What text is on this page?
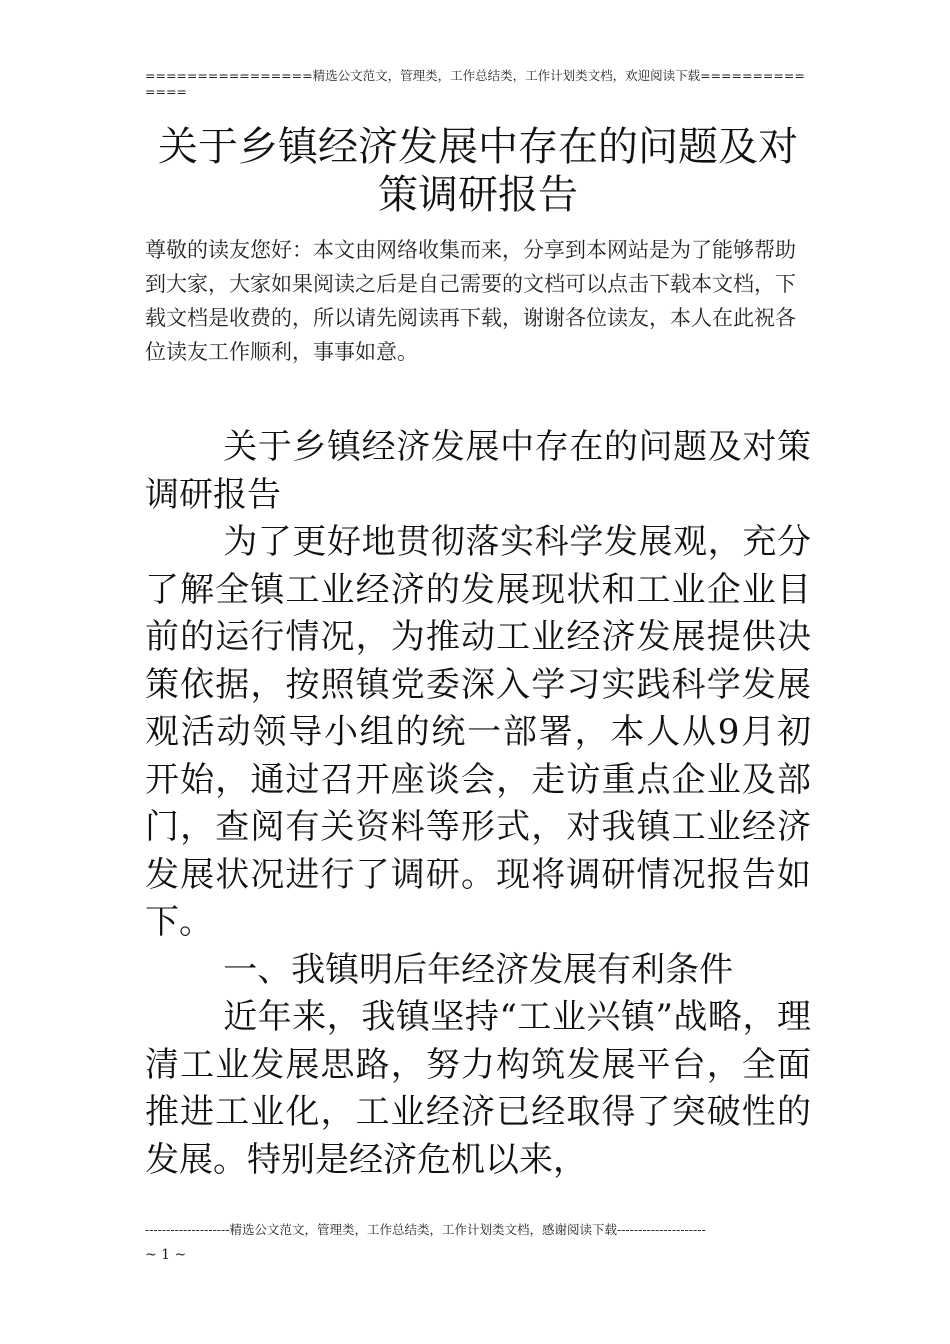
================精选公文范文，管理类，工作总结类，工作计划类文档，欢迎阅读下载==============
关于乡镇经济发展中存在的问题及对策调研报告

尊敬的读友您好：本文由网络收集而来，分享到本网站是为了能够帮助到大家，大家如果阅读之后是自己需要的文档可以点击下载本文档，下载文档是收费的，所以请先阅读再下载，谢谢各位读友，本人在此祝各位读友工作顺利，事事如意。

关于乡镇经济发展中存在的问题及对策调研报告

为了更好地贯彻落实科学发展观，充分了解全镇工业经济的发展现状和工业企业目前的运行情况，为推动工业经济发展提供决策依据，按照镇党委深入学习实践科学发展观活动领导小组的统一部署，本人从9月初开始，通过召开座谈会，走访重点企业及部门，查阅有关资料等形式，对我镇工业经济发展状况进行了调研。现将调研情况报告如下。

一、我镇明后年经济发展有利条件

近年来，我镇坚持“工业兴镇”战略，理清工业发展思路，努力构筑发展平台，全面推进工业化，工业经济已经取得了突破性的发展。特别是经济危机以来，

--------------------精选公文范文，管理类，工作总结类，工作计划类文档，感谢阅读下载---------------------
~ 1 ~
